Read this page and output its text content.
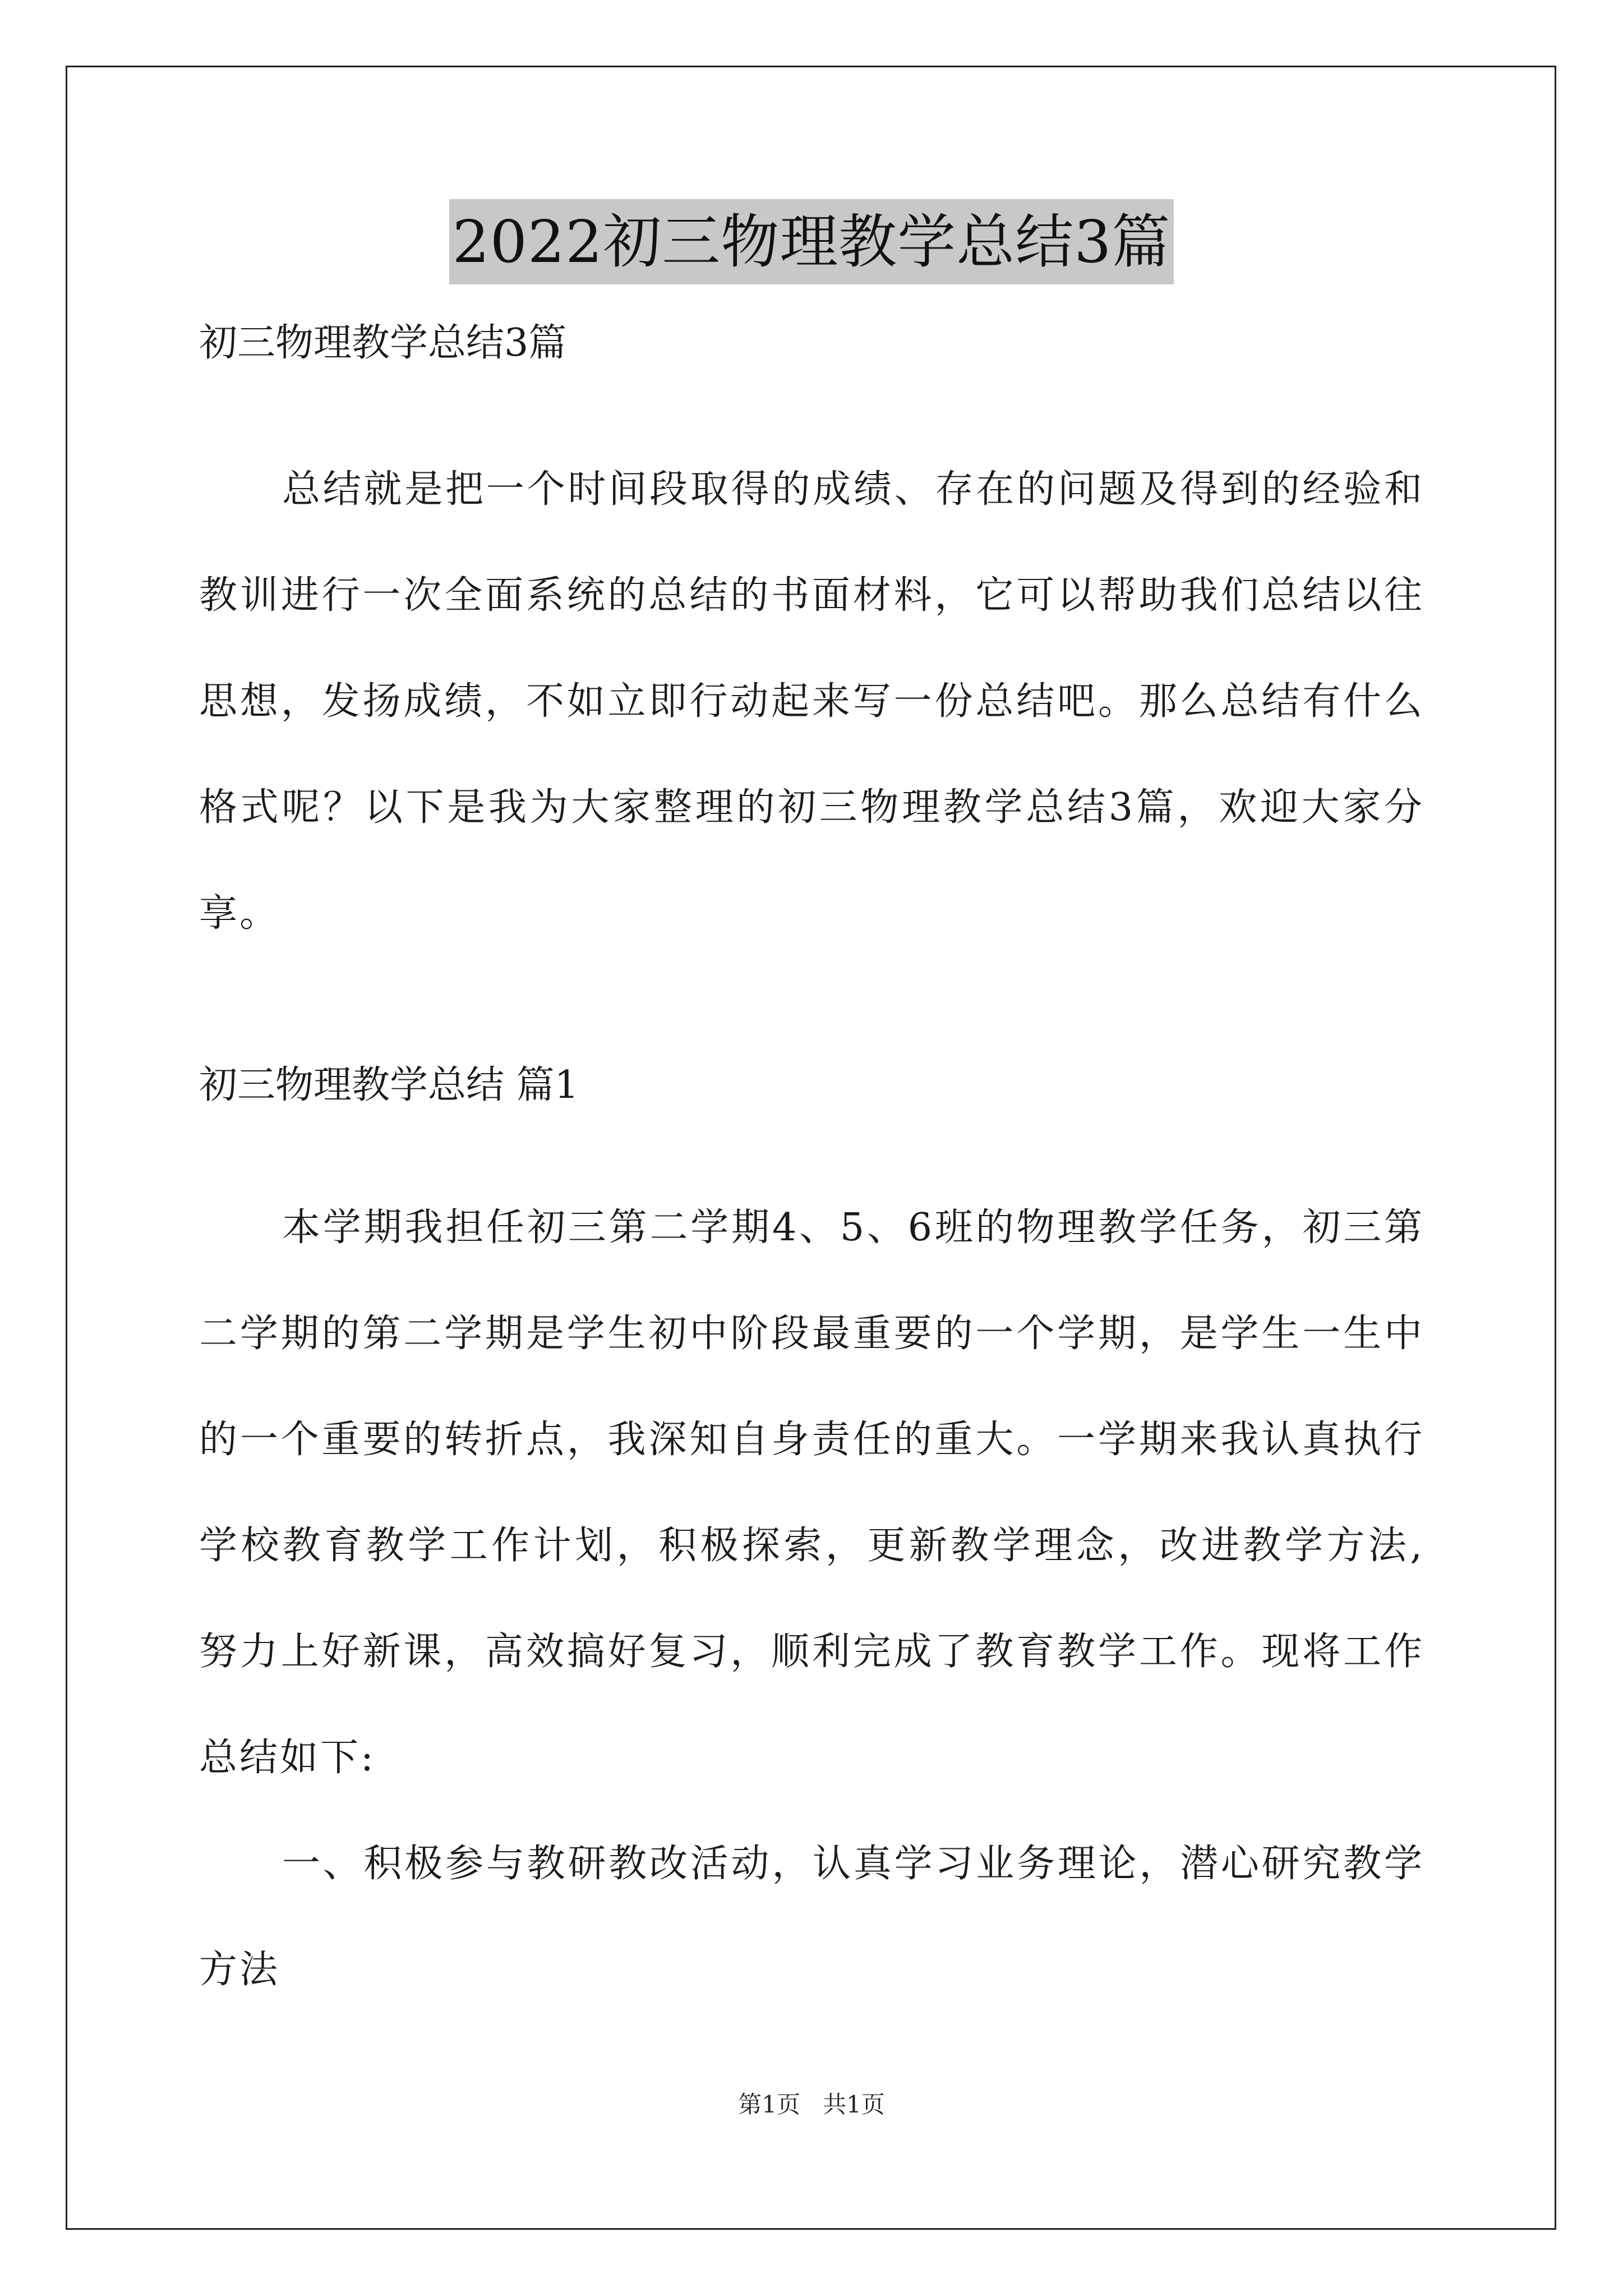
2022初三物理教学总结3篇
初三物理教学总结3篇

总结就是把一个时间段取得的成绩、存在的问题及得到的经验和教训进行一次全面系统的总结的书面材料，它可以帮助我们总结以往思想，发扬成绩，不如立即行动起来写一份总结吧。那么总结有什么格式呢？以下是我为大家整理的初三物理教学总结3篇，欢迎大家分享。

初三物理教学总结 篇1

本学期我担任初三第二学期4、5、6班的物理教学任务，初三第二学期的第二学期是学生初中阶段最重要的一个学期，是学生一生中的一个重要的转折点，我深知自身责任的重大。一学期来我认真执行学校教育教学工作计划，积极探索，更新教学理念，改进教学方法,努力上好新课，高效搞好复习，顺利完成了教育教学工作。现将工作总结如下:

一、积极参与教研教改活动，认真学习业务理论，潜心研究教学方法

第1页   共1页
